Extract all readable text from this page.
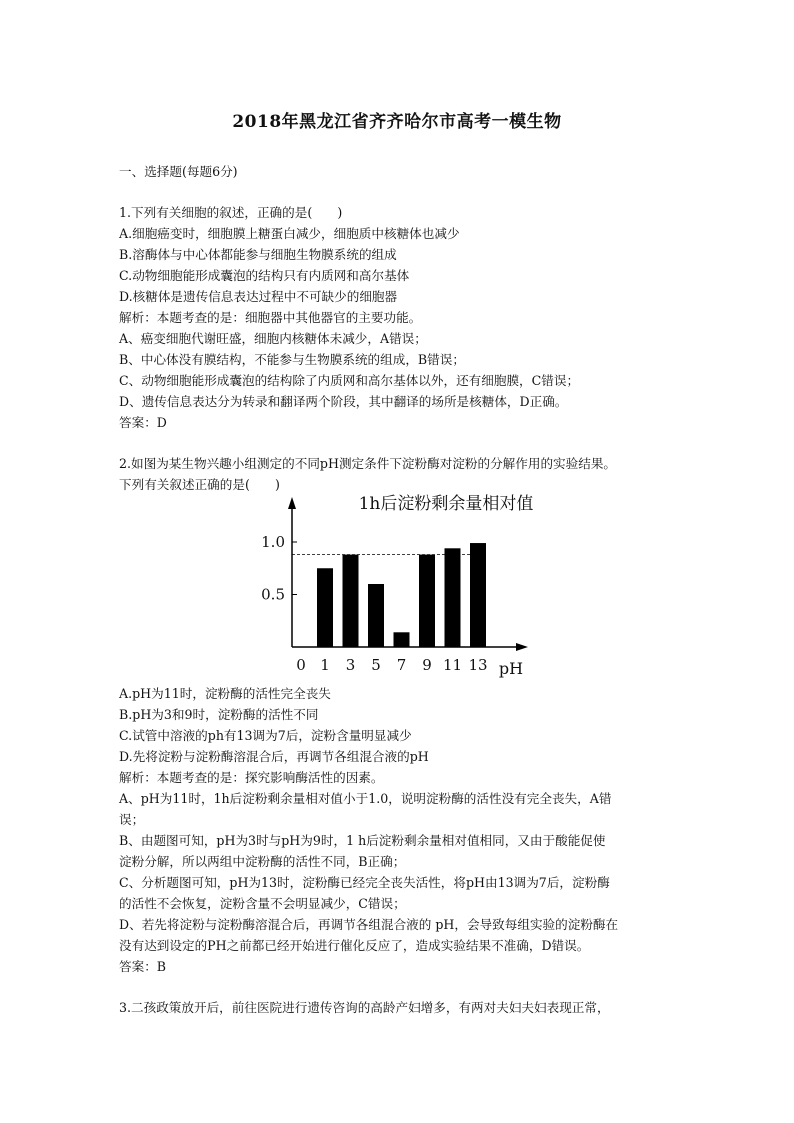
2018年黑龙江省齐齐哈尔市高考一模生物
一、选择题(每题6分)
1.下列有关细胞的叙述，正确的是(　　)
A.细胞癌变时，细胞膜上糖蛋白减少，细胞质中核糖体也减少
B.溶酶体与中心体都能参与细胞生物膜系统的组成
C.动物细胞能形成囊泡的结构只有内质网和高尔基体
D.核糖体是遗传信息表达过程中不可缺少的细胞器
解析：本题考查的是：细胞器中其他器官的主要功能。
A、癌变细胞代谢旺盛，细胞内核糖体未减少，A错误；
B、中心体没有膜结构，不能参与生物膜系统的组成，B错误；
C、动物细胞能形成囊泡的结构除了内质网和高尔基体以外，还有细胞膜，C错误；
D、遗传信息表达分为转录和翻译两个阶段，其中翻译的场所是核糖体，D正确。
答案：D
2.如图为某生物兴趣小组测定的不同pH测定条件下淀粉酶对淀粉的分解作用的实验结果。
下列有关叙述正确的是(　　)
1h后淀粉剩余量相对值
0.5
1.0
1 3 5 7 9 11 13
0	pH
A.pH为11时，淀粉酶的活性完全丧失
B.pH为3和9时，淀粉酶的活性不同
C.试管中溶液的ph有13调为7后，淀粉含量明显减少
D.先将淀粉与淀粉酶溶混合后，再调节各组混合液的pH
解析：本题考查的是：探究影响酶活性的因素。
A、pH为11时，1h后淀粉剩余量相对值小于1.0，说明淀粉酶的活性没有完全丧失，A错
误；
B、由题图可知，pH为3时与pH为9时，1 h后淀粉剩余量相对值相同，又由于酸能促使
淀粉分解，所以两组中淀粉酶的活性不同，B正确；
C、分析题图可知，pH为13时，淀粉酶已经完全丧失活性，将pH由13调为7后，淀粉酶
的活性不会恢复，淀粉含量不会明显减少，C错误；
D、若先将淀粉与淀粉酶溶混合后，再调节各组混合液的 pH，会导致每组实验的淀粉酶在
没有达到设定的PH之前都已经开始进行催化反应了，造成实验结果不准确，D错误。
答案：B
3.二孩政策放开后，前往医院进行遗传咨询的高龄产妇增多，有两对夫妇夫妇表现正常，
